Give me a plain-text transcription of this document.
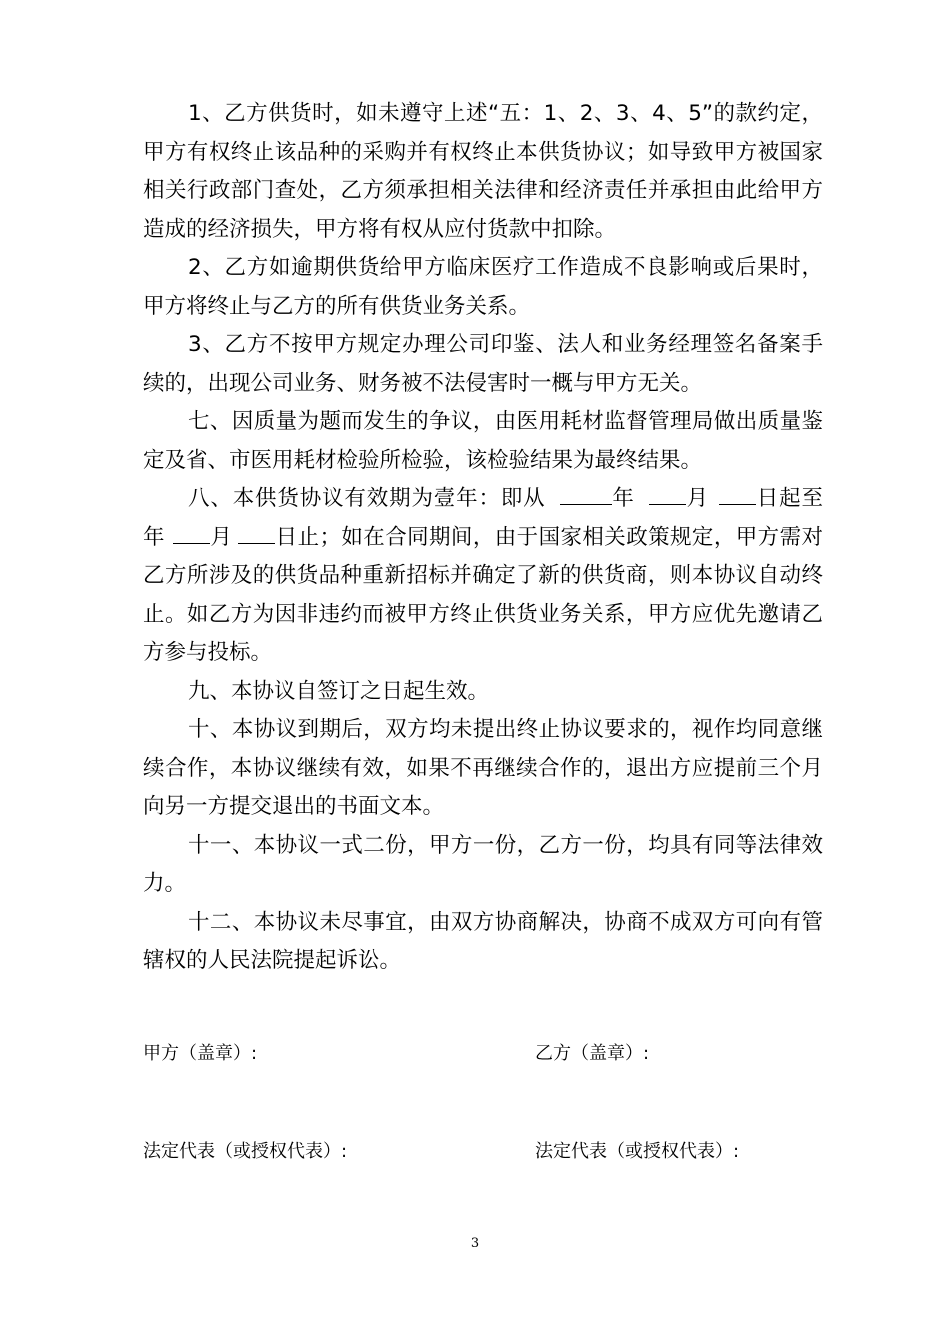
1、乙方供货时，如未遵守上述“五：1、2、3、4、5”的款约定，甲方有权终止该品种的采购并有权终止本供货协议；如导致甲方被国家相关行政部门查处，乙方须承担相关法律和经济责任并承担由此给甲方造成的经济损失，甲方将有权从应付货款中扣除。

2、乙方如逾期供货给甲方临床医疗工作造成不良影响或后果时，甲方将终止与乙方的所有供货业务关系。

3、乙方不按甲方规定办理公司印鉴、法人和业务经理签名备案手续的，出现公司业务、财务被不法侵害时一概与甲方无关。

七、因质量为题而发生的争议，由医用耗材监督管理局做出质量鉴定及省、市医用耗材检验所检验，该检验结果为最终结果。

八、本供货协议有效期为壹年：即从	年 月 日起至年 月 日止；如在合同期间，由于国家相关政策规定，甲方需对乙方所涉及的供货品种重新招标并确定了新的供货商，则本协议自动终止。如乙方为因非违约而被甲方终止供货业务关系，甲方应优先邀请乙方参与投标。

九、本协议自签订之日起生效。

十、本协议到期后，双方均未提出终止协议要求的，视作均同意继续合作，本协议继续有效，如果不再继续合作的，退出方应提前三个月向另一方提交退出的书面文本。

十一、本协议一式二份，甲方一份，乙方一份，均具有同等法律效力。

十二、本协议未尽事宜，由双方协商解决，协商不成双方可向有管辖权的人民法院提起诉讼。

甲方（盖章）:	乙方（盖章）:
法定代表（或授权代表）:	法定代表（或授权代表）:
3
